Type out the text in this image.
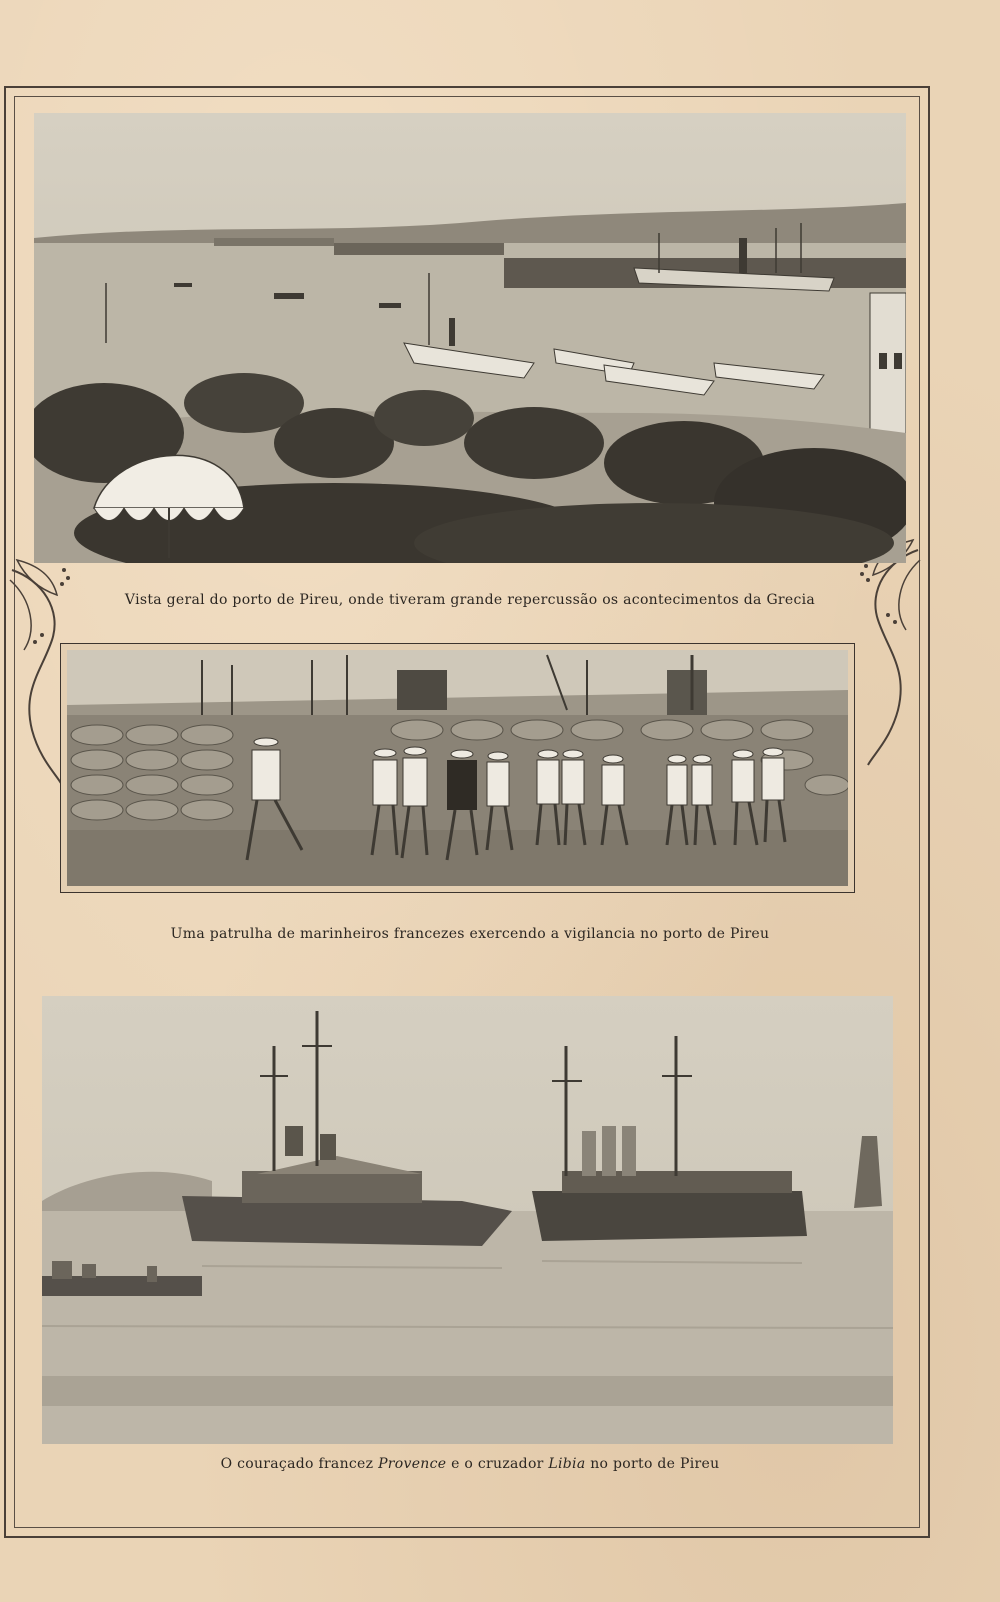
Vista geral do porto de Pireu, onde tiveram grande repercussão os acontecimentos da Grecia
Uma patrulha de marinheiros francezes exercendo a vigilancia no porto de Pireu
O couraçado francez Provence e o cruzador Libia no porto de Pireu
